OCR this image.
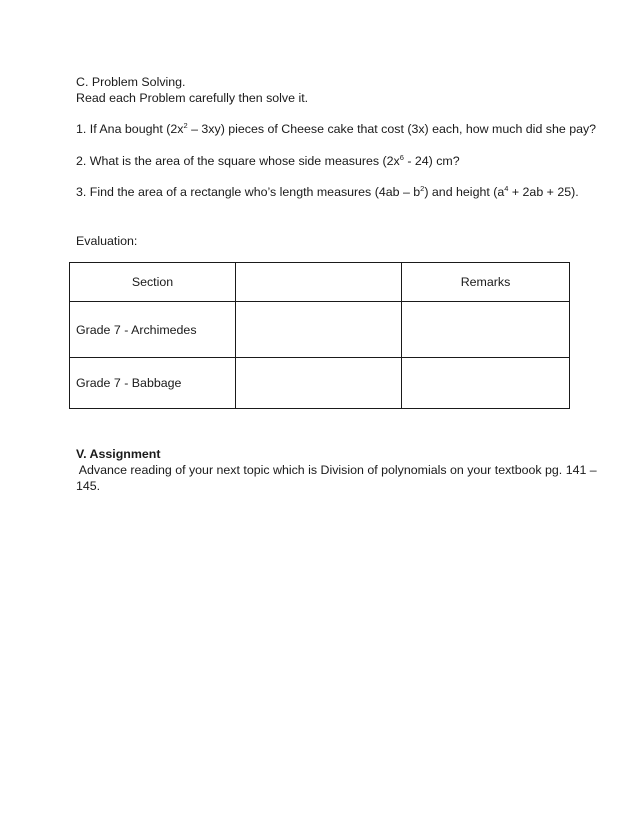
C. Problem Solving.
Read each Problem carefully then solve it.
1. If Ana bought $(2x^2 - 3xy)$ pieces of Cheese cake that cost (3x) each, how much did she pay?
2. What is the area of the square whose side measures $(2x^6 - 24)$ cm?
3. Find the area of a rectangle who’s length measures $(4ab - b^2)$ and height $(a^4 + 2ab + 25)$.
Evaluation:
Section		Remarks
Grade 7 - Archimedes		
Grade 7 - Babbage		
V. Assignment
Advance reading of your next topic which is Division of polynomials on your textbook pg. 141 –
145.
